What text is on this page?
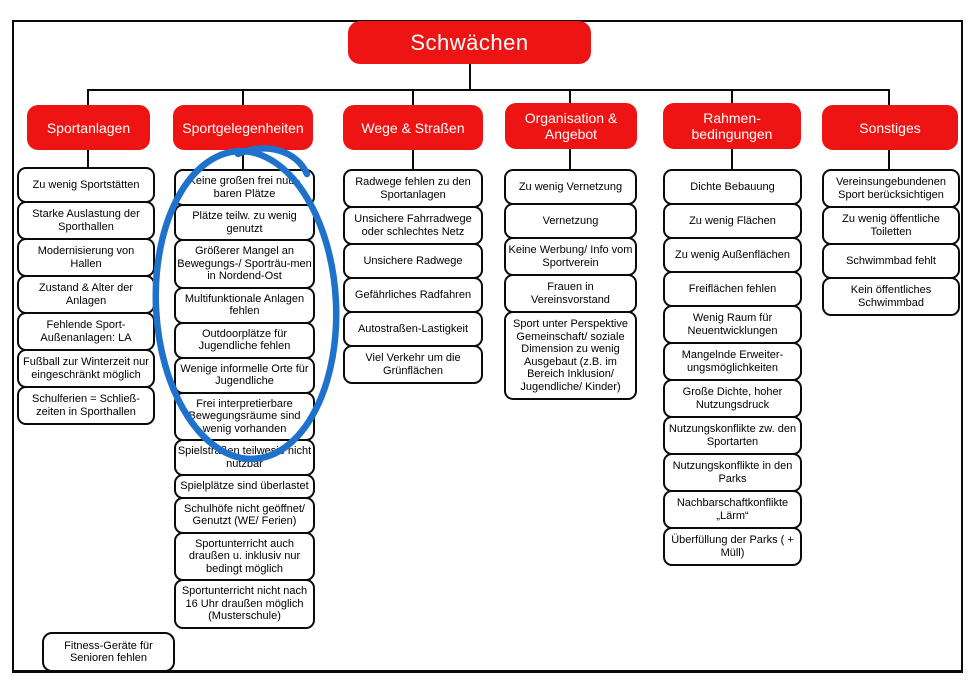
Schwächen
Sportanlagen	Sportgelegenheiten	Wege & Straßen
Organisation & Angebot
Rahmen-bedingungen	Sonstiges
Zu wenig Sportstätten
Starke Auslastung der Sporthallen
Modernisierung von Hallen
Zustand & Alter der Anlagen
Fehlende Sport-Außenanlagen: LA
Fußball zur Winterzeit nur eingeschränkt möglich
Schulferien = Schließ-zeiten in Sporthallen
Keine großen frei nutz-baren Plätze
Plätze teilw. zu wenig genutzt
Größerer Mangel an Bewegungs-/ Sporträu-men in Nordend-Ost
Multifunktionale Anlagen fehlen
Outdoorplätze für Jugendliche fehlen
Wenige informelle Orte für Jugendliche
Frei interpretierbare Bewegungsräume sind wenig vorhanden
Spielstraßen teilwesie nicht nutzbar
Spielplätze sind überlastet
Schulhöfe nicht geöffnet/ Genutzt (WE/ Ferien)
Sportunterricht auch draußen u. inklusiv nur bedingt möglich
Sportunterricht nicht nach 16 Uhr draußen möglich (Musterschule)
Radwege fehlen zu den Sportanlagen
Unsichere Fahrradwege oder schlechtes Netz
Unsichere Radwege
Gefährliches Radfahren
Autostraßen-Lastigkeit
Viel Verkehr um die Grünflächen
Zu wenig Vernetzung
Vernetzung
Keine Werbung/ Info vom Sportverein
Frauen in Vereinsvorstand
Sport unter Perspektive Gemeinschaft/ soziale Dimension zu wenig Ausgebaut (z.B. im Bereich Inklusion/ Jugendliche/ Kinder)
Dichte Bebauung
Zu wenig Flächen
Zu wenig Außenflächen
Freiflächen fehlen
Wenig Raum für Neuentwicklungen
Mangelnde Erweiter-ungsmöglichkeiten
Große Dichte, hoher Nutzungsdruck
Nutzungskonflikte zw. den Sportarten
Nutzungskonflikte in den Parks
Nachbarschaftkonflikte „Lärm“
Überfüllung der Parks ( + Müll)
Vereinsungebundenen Sport berücksichtigen
Zu wenig öffentliche Toiletten
Schwimmbad fehlt
Kein öffentliches Schwimmbad
Fitness-Geräte für Senioren fehlen
